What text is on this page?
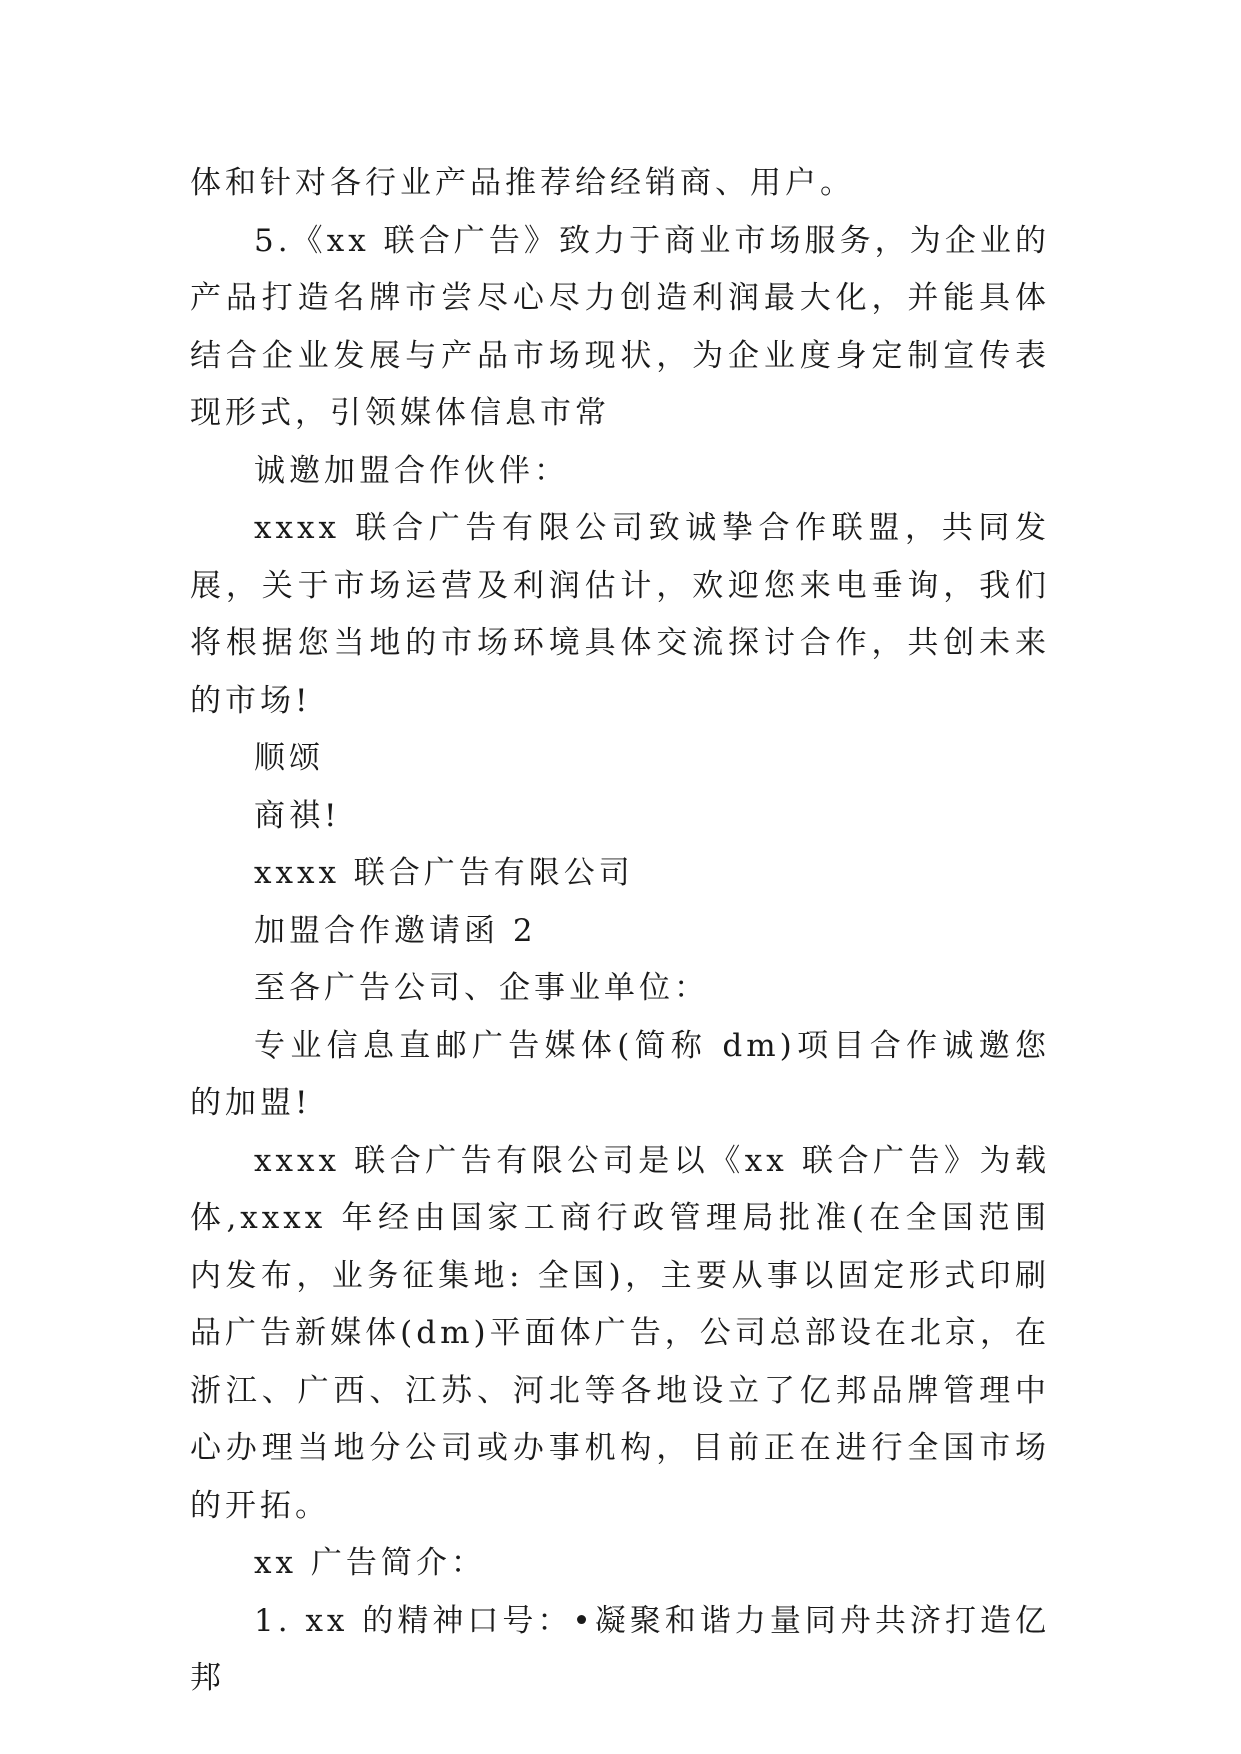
体和针对各行业产品推荐给经销商、用户。

5.《xx 联合广告》致力于商业市场服务，为企业的产品打造名牌市尝尽心尽力创造利润最大化，并能具体结合企业发展与产品市场现状，为企业度身定制宣传表现形式，引领媒体信息市常

诚邀加盟合作伙伴：

xxxx 联合广告有限公司致诚挚合作联盟，共同发展，关于市场运营及利润估计，欢迎您来电垂询，我们将根据您当地的市场环境具体交流探讨合作，共创未来的市场!

顺颂

商祺!

xxxx 联合广告有限公司

加盟合作邀请函 2

至各广告公司、企事业单位：

专业信息直邮广告媒体(简称 dm)项目合作诚邀您的加盟!

xxxx 联合广告有限公司是以《xx 联合广告》为载体,xxxx 年经由国家工商行政管理局批准(在全国范围内发布，业务征集地: 全国)，主要从事以固定形式印刷品广告新媒体(dm)平面体广告，公司总部设在北京，在浙江、广西、江苏、河北等各地设立了亿邦品牌管理中心办理当地分公司或办事机构，目前正在进行全国市场的开拓。

xx 广告简介：

1. xx 的精神口号：•凝聚和谐力量同舟共济打造亿邦
